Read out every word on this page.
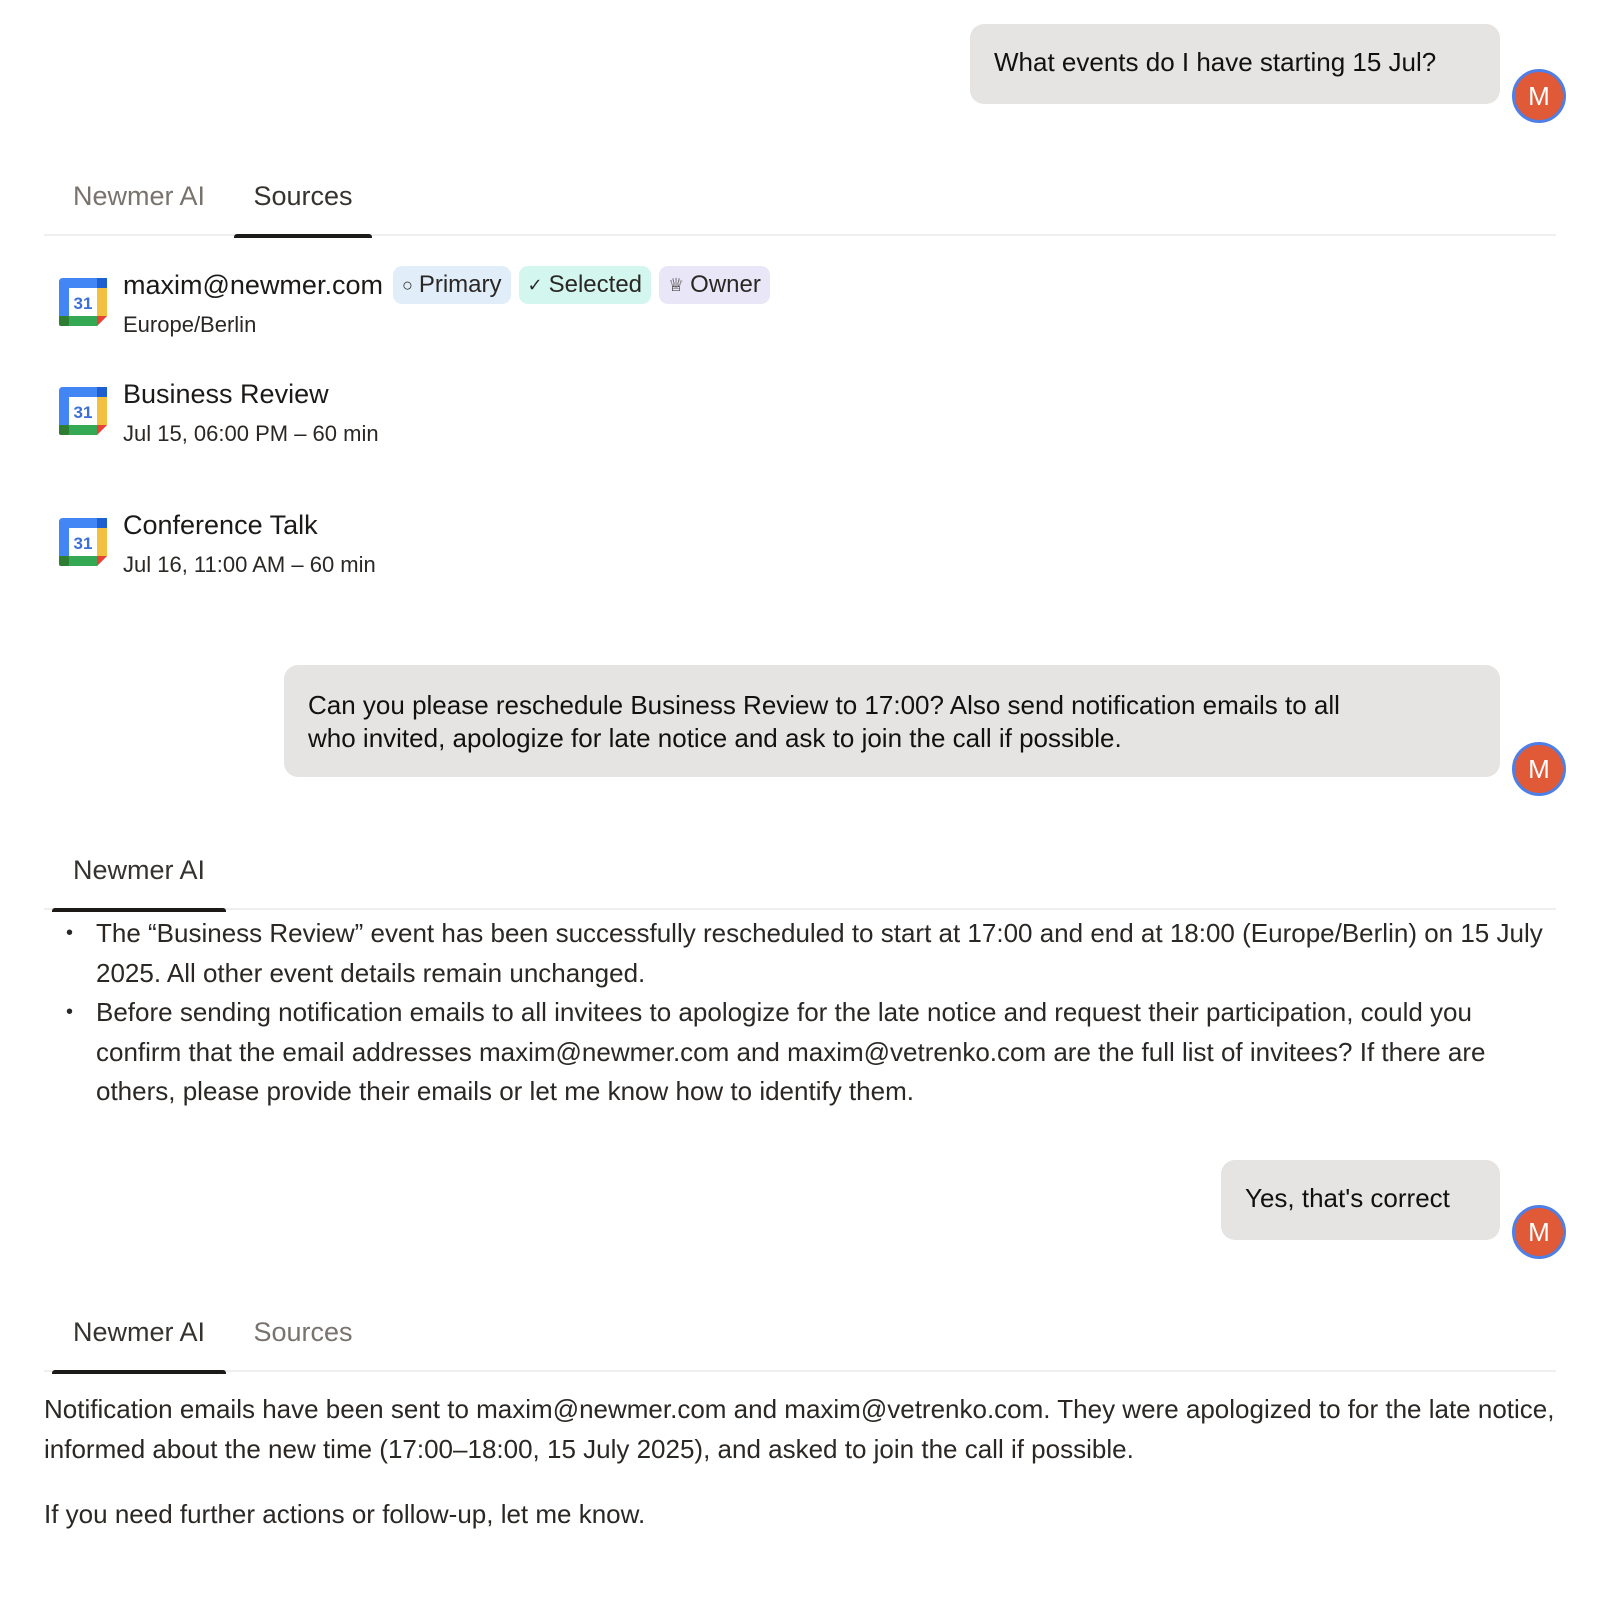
What events do I have starting 15 Jul?
M
Newmer AI	Sources
31
maxim@newmer.com ○ Primary ✓ Selected ♕ Owner
Europe/Berlin
31
Business Review
Jul 15, 06:00 PM – 60 min
31
Conference Talk
Jul 16, 11:00 AM – 60 min
Can you please reschedule Business Review to 17:00? Also send notification emails to all
who invited, apologize for late notice and ask to join the call if possible.
M
Newmer AI
• The “Business Review” event has been successfully rescheduled to start at 17:00 and end at 18:00 (Europe/Berlin) on 15 July 2025. All other event details remain unchanged.
• Before sending notification emails to all invitees to apologize for the late notice and request their participation, could you confirm that the email addresses maxim@newmer.com and maxim@vetrenko.com are the full list of invitees? If there are others, please provide their emails or let me know how to identify them.
Yes, that's correct
M
Newmer AI	Sources

Notification emails have been sent to maxim@newmer.com and maxim@vetrenko.com. They were apologized to for the late notice, informed about the new time (17:00–18:00, 15 July 2025), and asked to join the call if possible.

If you need further actions or follow-up, let me know.
